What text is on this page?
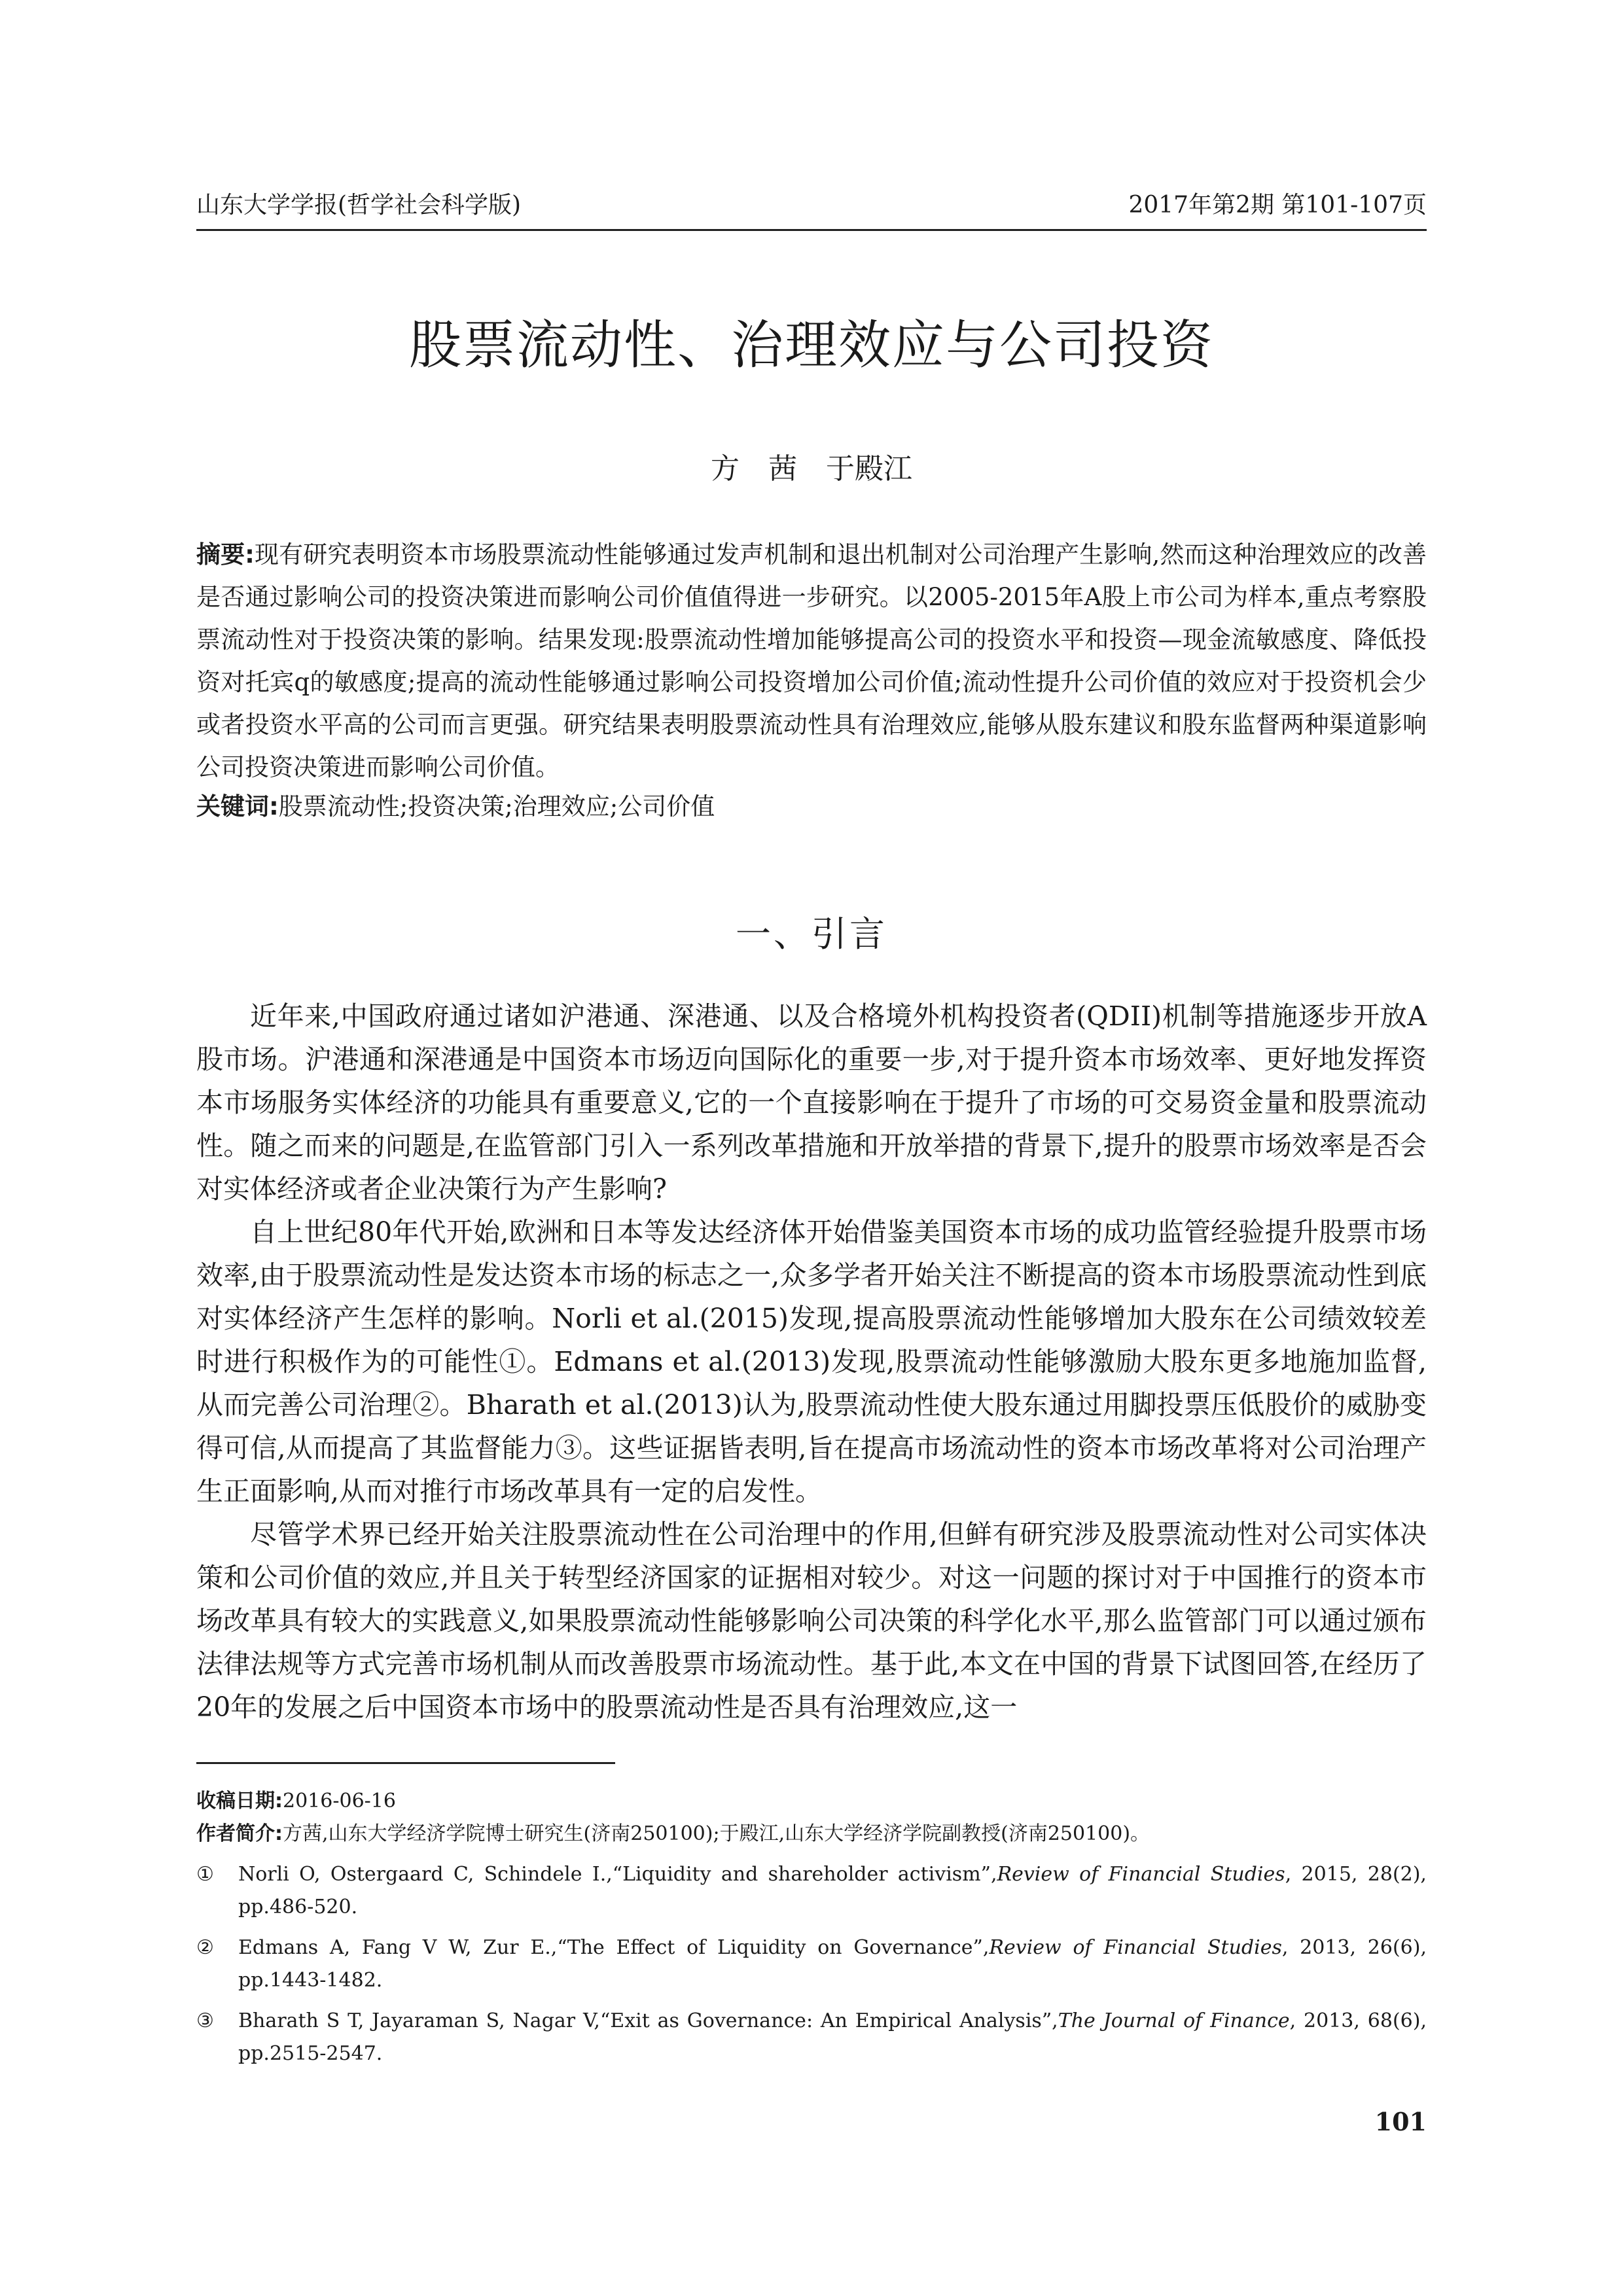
山东大学学报(哲学社会科学版)	2017年第2期 第101-107页
股票流动性、治理效应与公司投资
方 茜 于殿江
摘要:现有研究表明资本市场股票流动性能够通过发声机制和退出机制对公司治理产生影响,然而这种治理效应的改善是否通过影响公司的投资决策进而影响公司价值值得进一步研究。以2005-2015年A股上市公司为样本,重点考察股票流动性对于投资决策的影响。结果发现:股票流动性增加能够提高公司的投资水平和投资—现金流敏感度、降低投资对托宾q的敏感度;提高的流动性能够通过影响公司投资增加公司价值;流动性提升公司价值的效应对于投资机会少或者投资水平高的公司而言更强。研究结果表明股票流动性具有治理效应,能够从股东建议和股东监督两种渠道影响公司投资决策进而影响公司价值。
关键词:股票流动性;投资决策;治理效应;公司价值
一、引言

近年来,中国政府通过诸如沪港通、深港通、以及合格境外机构投资者(QDII)机制等措施逐步开放A股市场。沪港通和深港通是中国资本市场迈向国际化的重要一步,对于提升资本市场效率、更好地发挥资本市场服务实体经济的功能具有重要意义,它的一个直接影响在于提升了市场的可交易资金量和股票流动性。随之而来的问题是,在监管部门引入一系列改革措施和开放举措的背景下,提升的股票市场效率是否会对实体经济或者企业决策行为产生影响?

自上世纪80年代开始,欧洲和日本等发达经济体开始借鉴美国资本市场的成功监管经验提升股票市场效率,由于股票流动性是发达资本市场的标志之一,众多学者开始关注不断提高的资本市场股票流动性到底对实体经济产生怎样的影响。Norli et al.(2015)发现,提高股票流动性能够增加大股东在公司绩效较差时进行积极作为的可能性①。Edmans et al.(2013)发现,股票流动性能够激励大股东更多地施加监督,从而完善公司治理②。Bharath et al.(2013)认为,股票流动性使大股东通过用脚投票压低股价的威胁变得可信,从而提高了其监督能力③。这些证据皆表明,旨在提高市场流动性的资本市场改革将对公司治理产生正面影响,从而对推行市场改革具有一定的启发性。

尽管学术界已经开始关注股票流动性在公司治理中的作用,但鲜有研究涉及股票流动性对公司实体决策和公司价值的效应,并且关于转型经济国家的证据相对较少。对这一问题的探讨对于中国推行的资本市场改革具有较大的实践意义,如果股票流动性能够影响公司决策的科学化水平,那么监管部门可以通过颁布法律法规等方式完善市场机制从而改善股票市场流动性。基于此,本文在中国的背景下试图回答,在经历了20年的发展之后中国资本市场中的股票流动性是否具有治理效应,这一

收稿日期:2016-06-16
作者简介:方茜,山东大学经济学院博士研究生(济南250100);于殿江,山东大学经济学院副教授(济南250100)。
①	Norli O, Ostergaard C, Schindele I.,“Liquidity and shareholder activism”,Review of Financial Studies, 2015, 28(2), pp.486-520.
②	Edmans A, Fang V W, Zur E.,“The Effect of Liquidity on Governance”,Review of Financial Studies, 2013, 26(6), pp.1443-1482.
③	Bharath S T, Jayaraman S, Nagar V,“Exit as Governance: An Empirical Analysis”,The Journal of Finance, 2013, 68(6), pp.2515-2547.
101
